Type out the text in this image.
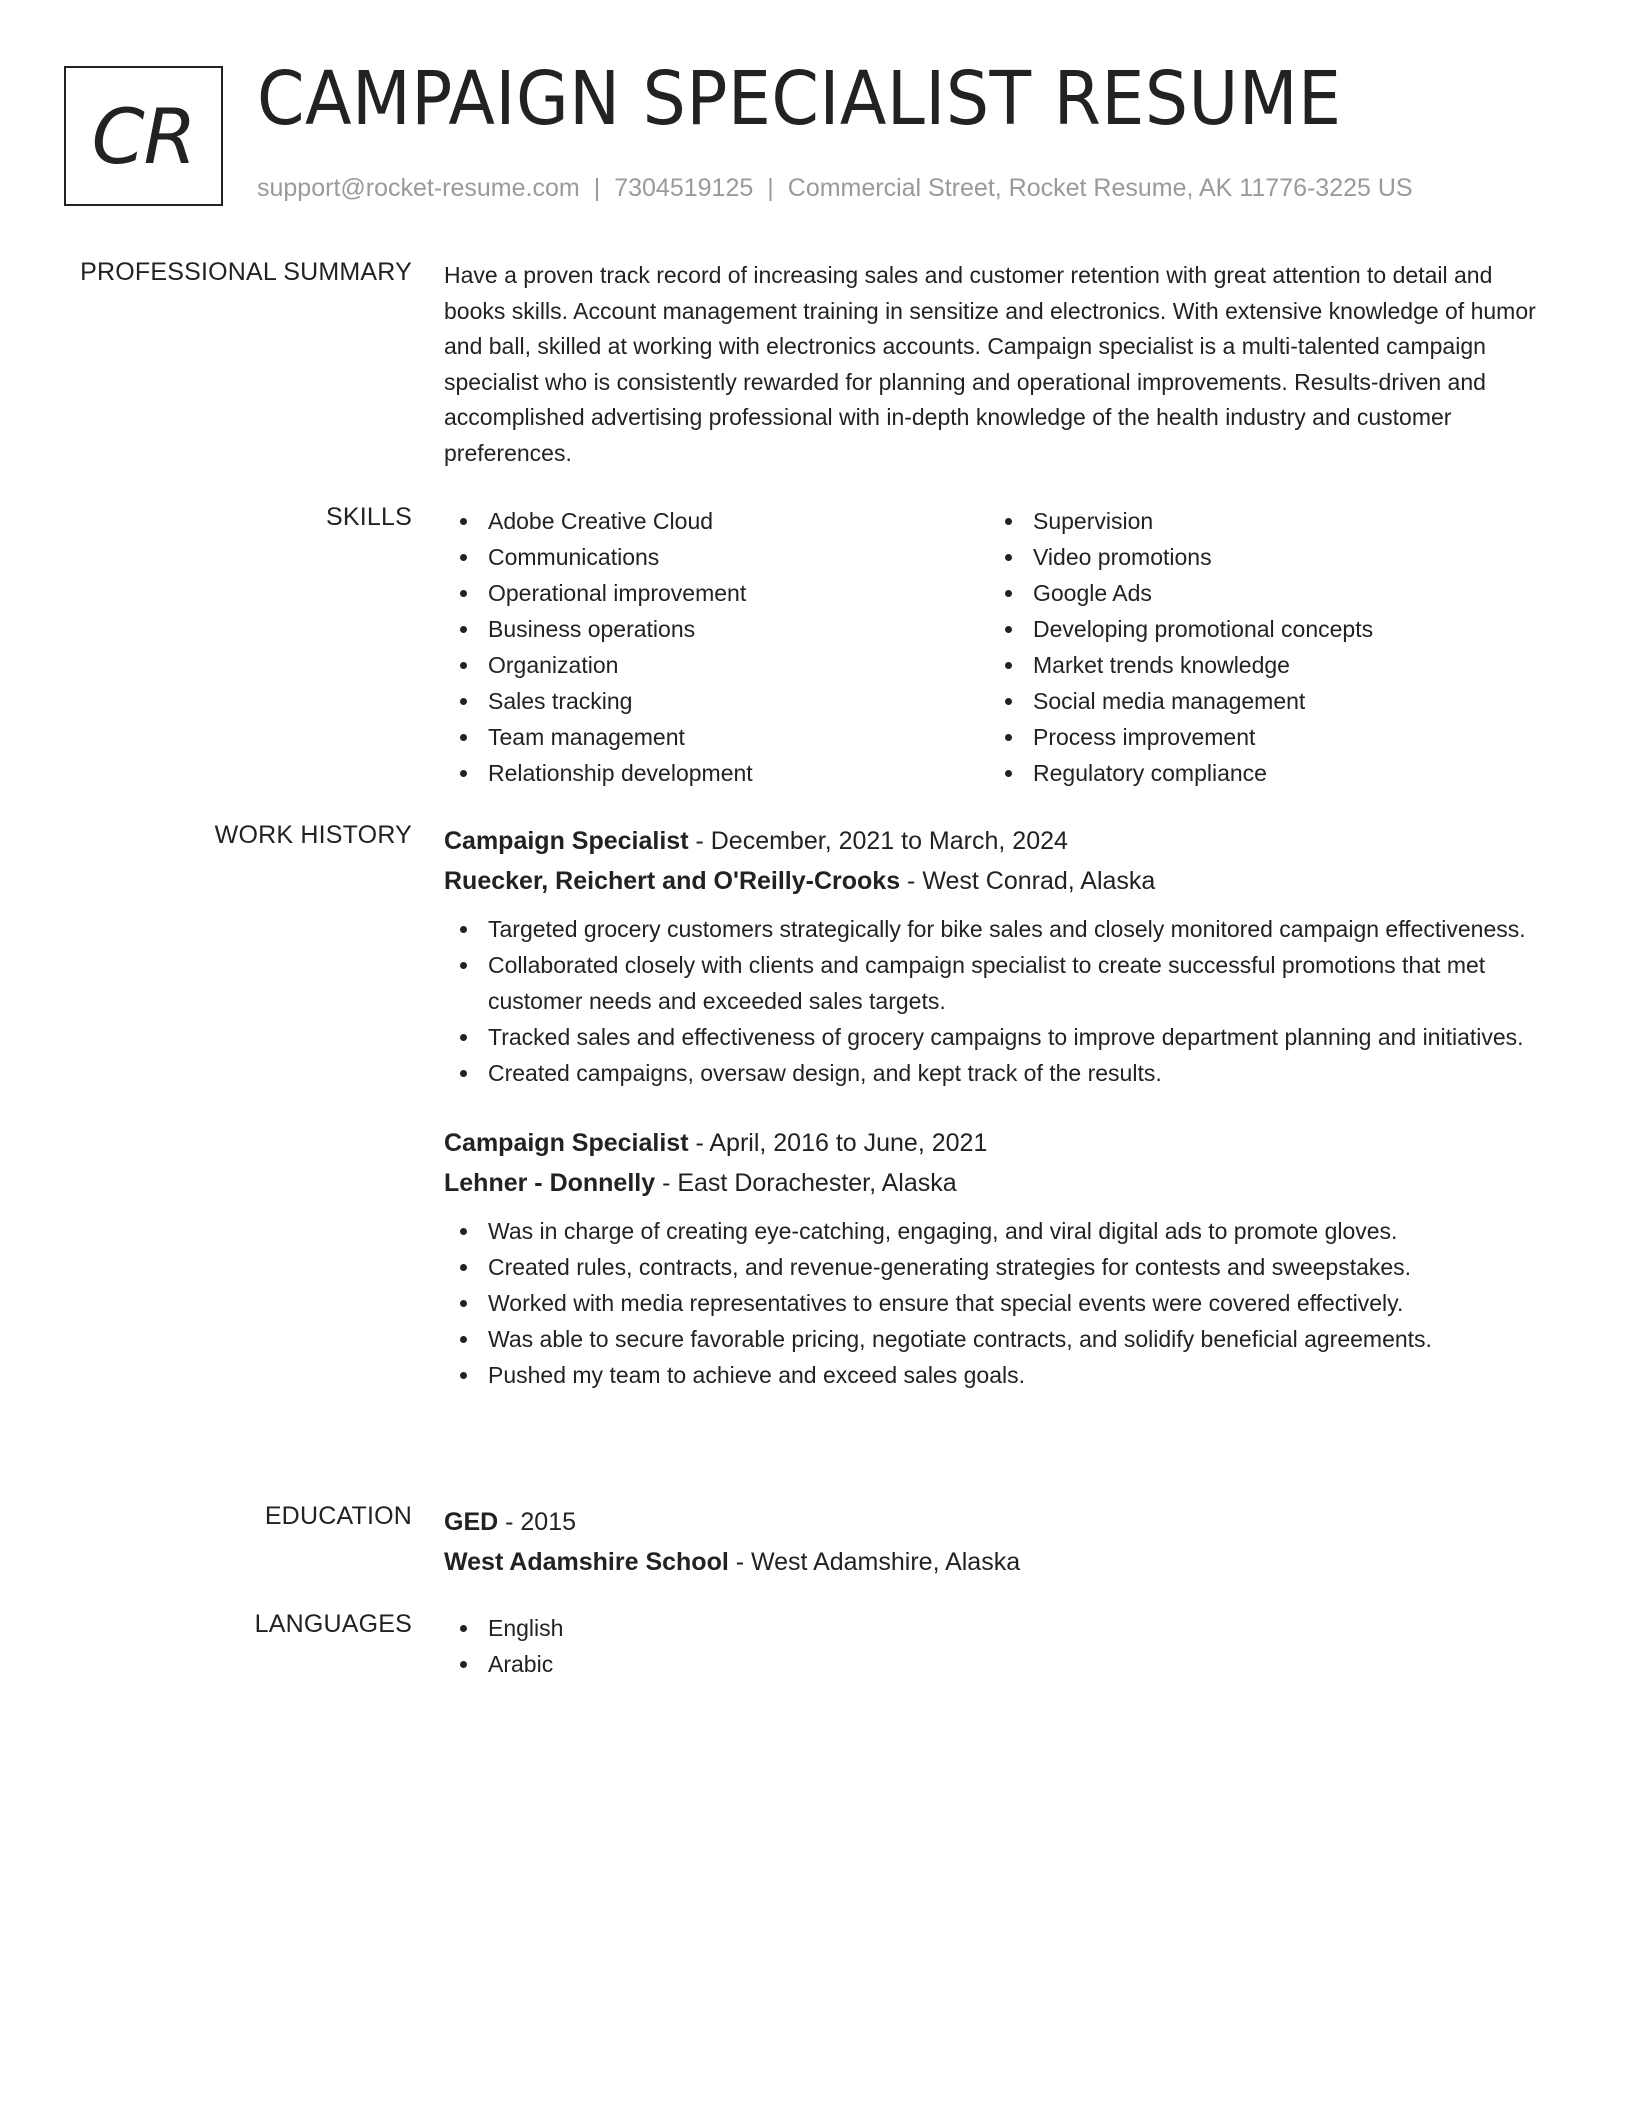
CR CAMPAIGN SPECIALIST RESUME
support@rocket-resume.com | 7304519125 | Commercial Street, Rocket Resume, AK 11776-3225 US
PROFESSIONAL SUMMARY Have a proven track record of increasing sales and customer retention with great attention to detail and books skills. Account management training in sensitize and electronics. With extensive knowledge of humor and ball, skilled at working with electronics accounts. Campaign specialist is a multi-talented campaign specialist who is consistently rewarded for planning and operational improvements. Results-driven and accomplished advertising professional with in-depth knowledge of the health industry and customer preferences.
SKILLS	Adobe Creative Cloud
Communications
Operational improvement
Business operations
Organization
Sales tracking
Team management
Relationship development
Supervision
Video promotions
Google Ads
Developing promotional concepts
Market trends knowledge
Social media management
Process improvement
Regulatory compliance
WORK HISTORY Campaign Specialist - December, 2021 to March, 2024
Ruecker, Reichert and O'Reilly-Crooks - West Conrad, Alaska
Targeted grocery customers strategically for bike sales and closely monitored campaign effectiveness.
Collaborated closely with clients and campaign specialist to create successful promotions that met customer needs and exceeded sales targets.
Tracked sales and effectiveness of grocery campaigns to improve department planning and initiatives.
Created campaigns, oversaw design, and kept track of the results.
Campaign Specialist - April, 2016 to June, 2021
Lehner - Donnelly - East Dorachester, Alaska
Was in charge of creating eye-catching, engaging, and viral digital ads to promote gloves.
Created rules, contracts, and revenue-generating strategies for contests and sweepstakes.
Worked with media representatives to ensure that special events were covered effectively.
Was able to secure favorable pricing, negotiate contracts, and solidify beneficial agreements.
Pushed my team to achieve and exceed sales goals.
EDUCATION GED - 2015
West Adamshire School - West Adamshire, Alaska
LANGUAGES	English
Arabic
